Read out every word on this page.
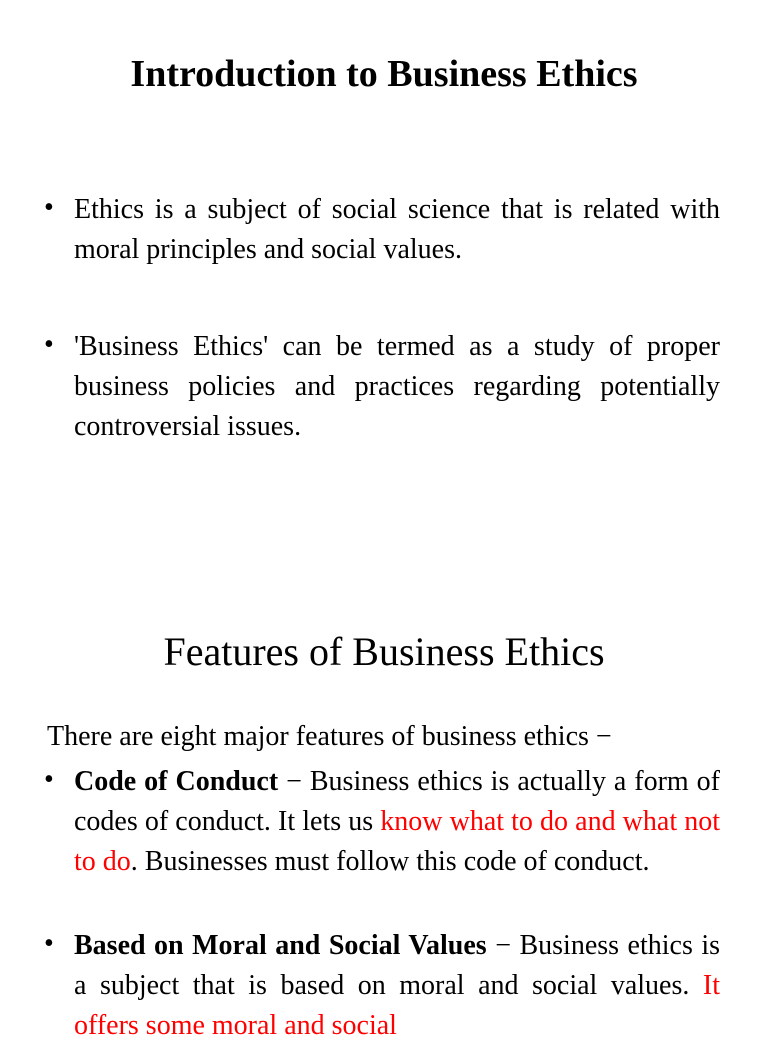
Introduction to Business Ethics

• Ethics is a subject of social science that is related with moral principles and social values.

• 'Business Ethics' can be termed as a study of proper business policies and practices regarding potentially controversial issues.

Features of Business Ethics

There are eight major features of business ethics −

• Code of Conduct − Business ethics is actually a form of codes of conduct. It lets us know what to do and what not to do. Businesses must follow this code of conduct.

• Based on Moral and Social Values − Business ethics is a subject that is based on moral and social values. It offers some moral and social
